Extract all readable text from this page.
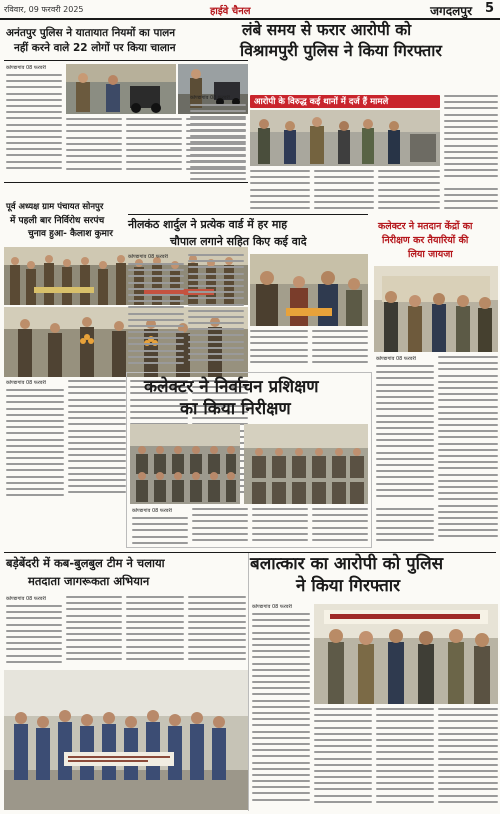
रविवार, 09 फरवरी 2025	हाईवे चैनल	जगदलपुर 5
अनंतपुर पुलिस ने यातायात नियमों का पालन
नहीं करने वाले 22 लोगों पर किया चालान
कोण्डागांव 08 फरवरी
लंबे समय से फरार आरोपी को
विश्रामपुरी पुलिस ने किया गिरफ्तार
कोण्डागांव 08 फरवरी	आरोपी के विरुद्ध कई थानों में दर्ज हैं मामले
पूर्व अध्यक्ष ग्राम पंचायत सोनपुर
में पहली बार निर्विरोध सरपंच
चुनाव हुआ- कैलाश कुमार
कोण्डागांव 08 फरवरी
नीलकंठ शार्दुल ने प्रत्येक वार्ड में हर माह
चौपाल लगाने सहित किए कई वादे
कोण्डागांव 08 फरवरी
कलेक्टर ने मतदान केंद्रों का
निरीक्षण कर तैयारियों की
लिया जायजा
कोण्डागांव 08 फरवरी
कलेक्टर ने निर्वाचन प्रशिक्षण
का किया निरीक्षण
कोण्डागांव 08 फरवरी
बड़ेबेंदरी में कब-बुलबुल टीम ने चलाया
मतदाता जागरूकता अभियान
कोण्डागांव 08 फरवरी
बलात्कार का आरोपी को पुलिस
ने किया गिरफ्तार
कोण्डागांव 08 फरवरी
